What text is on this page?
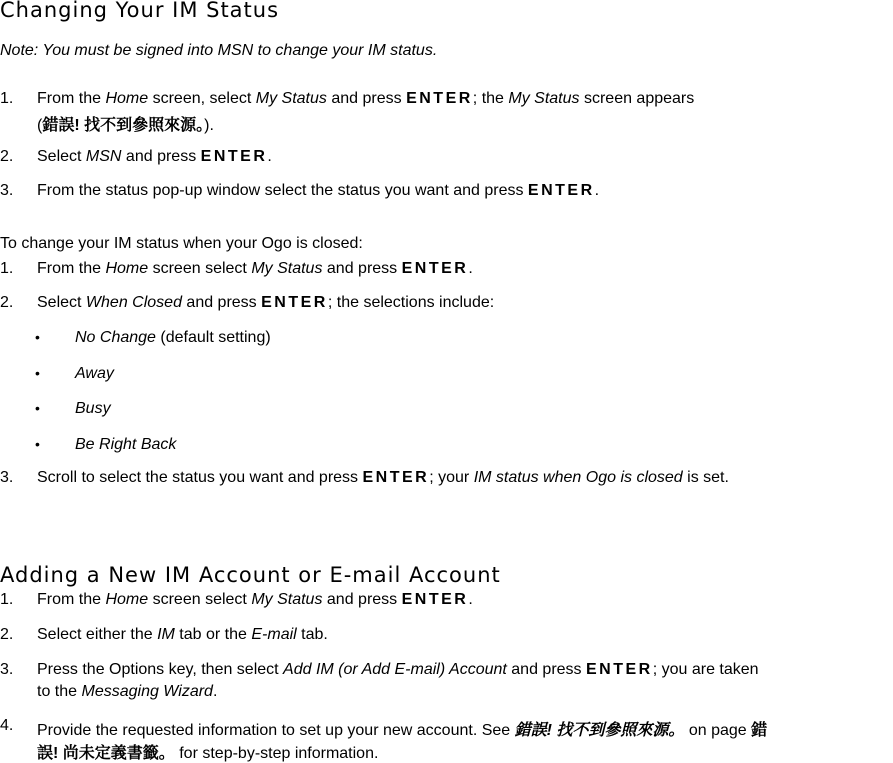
Changing Your IM Status
Note: You must be signed into MSN to change your IM status.
1. From the Home screen, select My Status and press ENTER; the My Status screen appears
(錯誤! 找不到參照來源。).
2. Select MSN and press ENTER.
3. From the status pop-up window select the status you want and press ENTER.
To change your IM status when your Ogo is closed:
1. From the Home screen select My Status and press ENTER.
2. Select When Closed and press ENTER; the selections include:
• No Change (default setting)
• Away
• Busy
• Be Right Back
3. Scroll to select the status you want and press ENTER; your IM status when Ogo is closed is set.
Adding a New IM Account or E-mail Account
1. From the Home screen select My Status and press ENTER.
2. Select either the IM tab or the E-mail tab.
3. Press the Options key, then select Add IM (or Add E-mail) Account and press ENTER; you are taken
to the Messaging Wizard.
4. Provide the requested information to set up your new account. See 錯誤! 找不到參照來源。 on page 錯
誤! 尚未定義書籤。 for step-by-step information.
